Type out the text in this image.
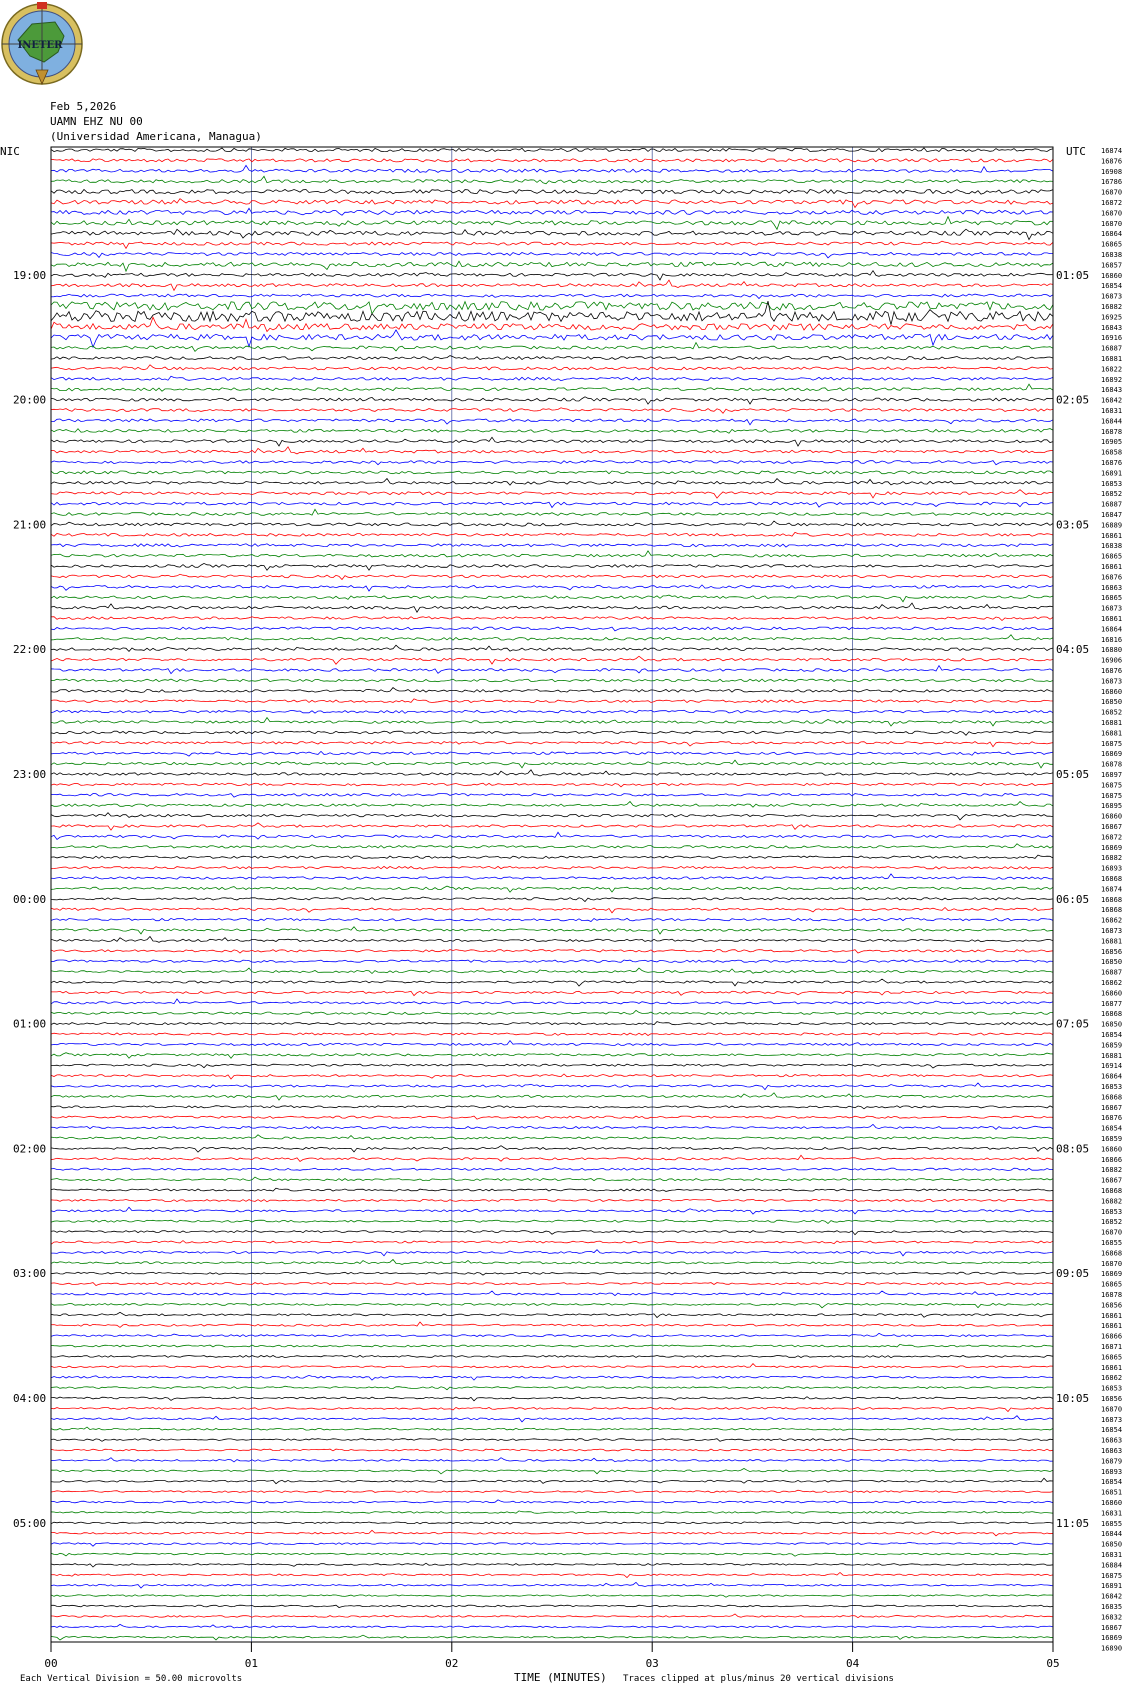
INETER
Feb 5,2026
UAMN EHZ NU 00
(Universidad Americana, Managua)
16874
16876
16908
16786
16870
16872
16870
16870
16864
16865
16838
16857
16860
16854
16873
16882
16925
16843
16916
16887
16881
16822
16892
16843
16842
16831
16844
16878
16905
16858
16876
16891
16853
16852
16887
16847
16889
16861
16838
16865
16861
16876
16863
16865
16873
16861
16864
16816
16880
16906
16876
16873
16860
16850
16852
16881
16881
16875
16869
16878
16897
16875
16875
16895
16860
16867
16872
16869
16882
16893
16868
16874
16868
16868
16862
16873
16881
16856
16850
16887
16862
16860
16877
16868
16850
16854
16859
16881
16914
16864
16853
16868
16867
16876
16854
16859
16860
16866
16882
16867
16868
16882
16853
16852
16870
16855
16868
16870
16869
16865
16878
16856
16861
16861
16866
16871
16865
16861
16862
16853
16856
16870
16873
16854
16863
16863
16879
16893
16854
16851
16860
16831
16855
16844
16850
16831
16884
16875
16891
16842
16835
16832
16867
16869
16890
NIC	UTC
19:00	01:05
20:00	02:05
21:00	03:05
22:00	04:05
23:00	05:05
00:00	06:05
01:00	07:05
02:00	08:05
03:00	09:05
04:00	10:05
05:00	11:05
00	01	02	03	04	05
Each Vertical Division = 50.00 microvolts	TIME (MINUTES) Traces clipped at plus/minus 20 vertical divisions
